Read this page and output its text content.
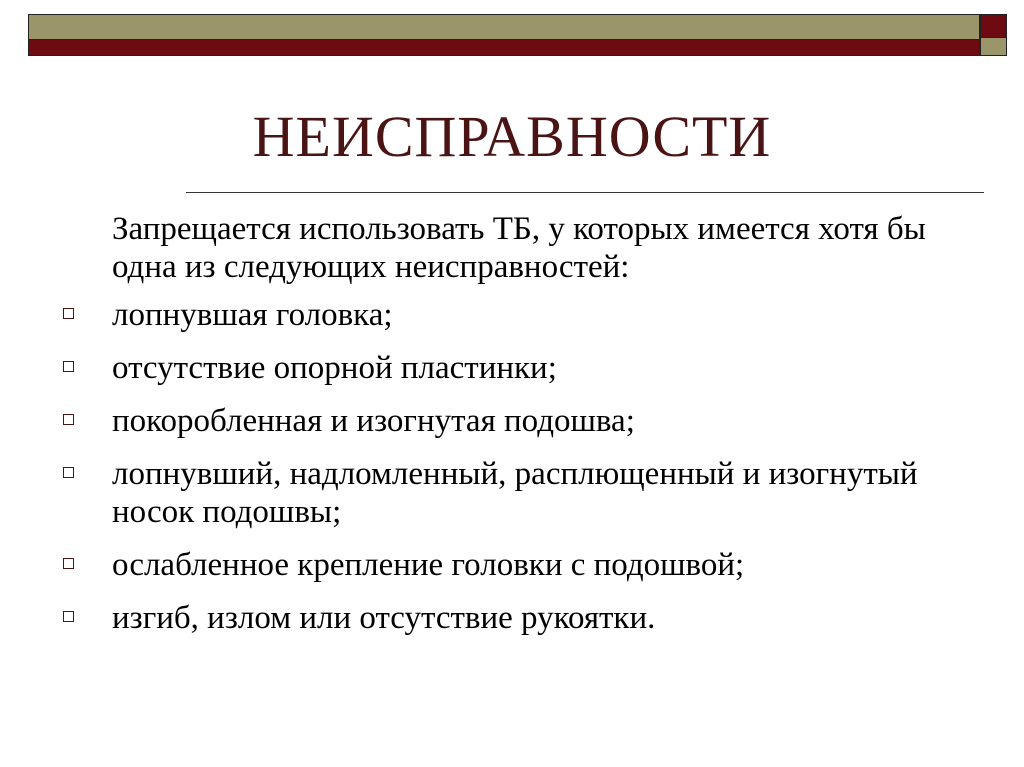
НЕИСПРАВНОСТИ

Запрещается использовать ТБ, у которых имеется хотя бы одна из следующих неисправностей:

лопнувшая головка;
отсутствие опорной пластинки;
покоробленная и изогнутая подошва;
лопнувший, надломленный, расплющенный и изогнутый носок подошвы;
ослабленное крепление головки с подошвой;
изгиб, излом или отсутствие рукоятки.
